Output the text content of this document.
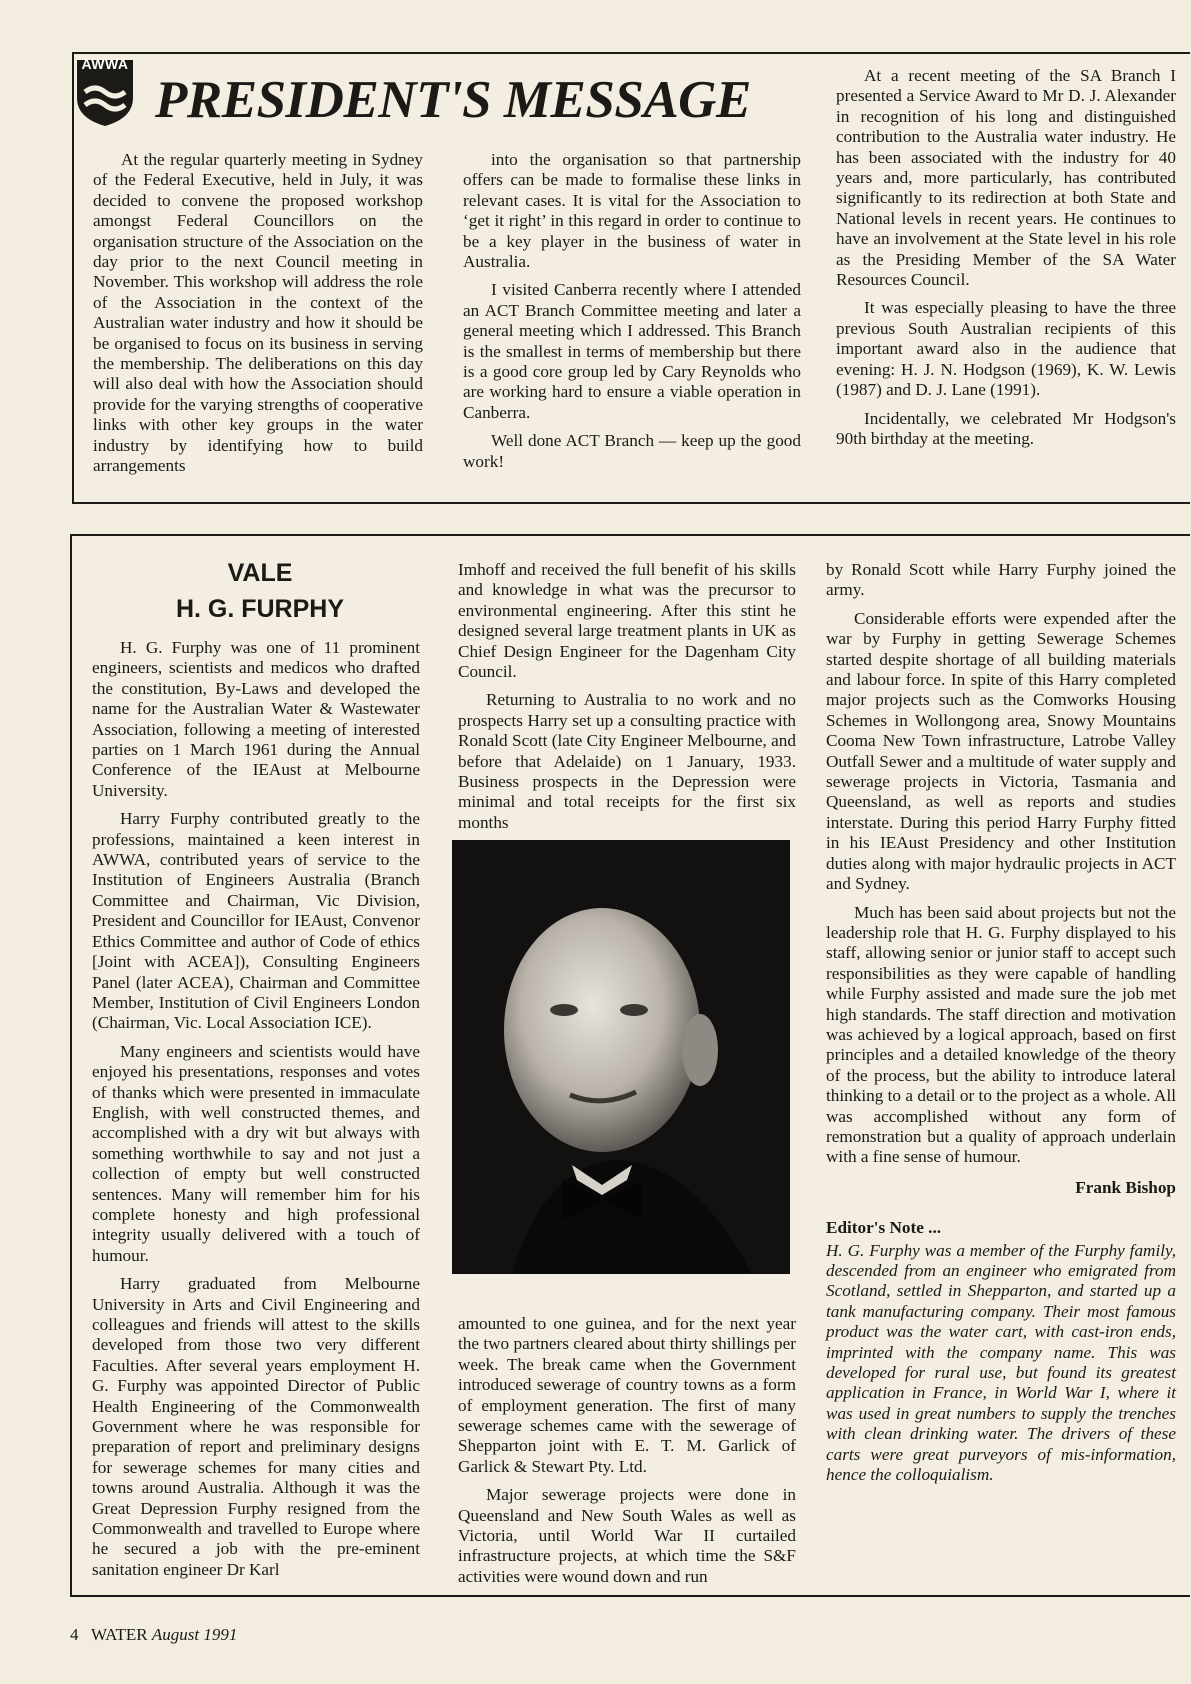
AWWA
PRESIDENT'S MESSAGE

At the regular quarterly meeting in Sydney of the Federal Executive, held in July, it was decided to convene the proposed workshop amongst Federal Councillors on the organisation structure of the Association on the day prior to the next Council meeting in November. This workshop will address the role of the Association in the context of the Australian water industry and how it should be be organised to focus on its business in serving the membership. The deliberations on this day will also deal with how the Association should provide for the varying strengths of cooperative links with other key groups in the water industry by identifying how to build arrangements

into the organisation so that partnership offers can be made to formalise these links in relevant cases. It is vital for the Association to ‘get it right’ in this regard in order to continue to be a key player in the business of water in Australia.

I visited Canberra recently where I attended an ACT Branch Committee meeting and later a general meeting which I addressed. This Branch is the smallest in terms of membership but there is a good core group led by Cary Reynolds who are working hard to ensure a viable operation in Canberra.

Well done ACT Branch — keep up the good work!

At a recent meeting of the SA Branch I presented a Service Award to Mr D. J. Alexander in recognition of his long and distinguished contribution to the Australia water industry. He has been associated with the industry for 40 years and, more particularly, has contributed significantly to its redirection at both State and National levels in recent years. He continues to have an involvement at the State level in his role as the Presiding Member of the SA Water Resources Council.

It was especially pleasing to have the three previous South Australian recipients of this important award also in the audience that evening: H. J. N. Hodgson (1969), K. W. Lewis (1987) and D. J. Lane (1991).

Incidentally, we celebrated Mr Hodgson's 90th birthday at the meeting.

VALE
H. G. FURPHY

H. G. Furphy was one of 11 prominent engineers, scientists and medicos who drafted the constitution, By-Laws and developed the name for the Australian Water & Wastewater Association, following a meeting of interested parties on 1 March 1961 during the Annual Conference of the IEAust at Melbourne University.

Harry Furphy contributed greatly to the professions, maintained a keen interest in AWWA, contributed years of service to the Institution of Engineers Australia (Branch Committee and Chairman, Vic Division, President and Councillor for IEAust, Convenor Ethics Committee and author of Code of ethics [Joint with ACEA]), Consulting Engineers Panel (later ACEA), Chairman and Committee Member, Institution of Civil Engineers London (Chairman, Vic. Local Association ICE).

Many engineers and scientists would have enjoyed his presentations, responses and votes of thanks which were presented in immaculate English, with well constructed themes, and accomplished with a dry wit but always with something worthwhile to say and not just a collection of empty but well constructed sentences. Many will remember him for his complete honesty and high professional integrity usually delivered with a touch of humour.

Harry graduated from Melbourne University in Arts and Civil Engineering and colleagues and friends will attest to the skills developed from those two very different Faculties. After several years employment H. G. Furphy was appointed Director of Public Health Engineering of the Commonwealth Government where he was responsible for preparation of report and preliminary designs for sewerage schemes for many cities and towns around Australia. Although it was the Great Depression Furphy resigned from the Commonwealth and travelled to Europe where he secured a job with the pre-eminent sanitation engineer Dr Karl

Imhoff and received the full benefit of his skills and knowledge in what was the precursor to environmental engineering. After this stint he designed several large treatment plants in UK as Chief Design Engineer for the Dagenham City Council.

Returning to Australia to no work and no prospects Harry set up a consulting practice with Ronald Scott (late City Engineer Melbourne, and before that Adelaide) on 1 January, 1933. Business prospects in the Depression were minimal and total receipts for the first six months

amounted to one guinea, and for the next year the two partners cleared about thirty shillings per week. The break came when the Government introduced sewerage of country towns as a form of employment generation. The first of many sewerage schemes came with the sewerage of Shepparton joint with E. T. M. Garlick of Garlick & Stewart Pty. Ltd.

Major sewerage projects were done in Queensland and New South Wales as well as Victoria, until World War II curtailed infrastructure projects, at which time the S&F activities were wound down and run

by Ronald Scott while Harry Furphy joined the army.

Considerable efforts were expended after the war by Furphy in getting Sewerage Schemes started despite shortage of all building materials and labour force. In spite of this Harry completed major projects such as the Comworks Housing Schemes in Wollongong area, Snowy Mountains Cooma New Town infrastructure, Latrobe Valley Outfall Sewer and a multitude of water supply and sewerage projects in Victoria, Tasmania and Queensland, as well as reports and studies interstate. During this period Harry Furphy fitted in his IEAust Presidency and other Institution duties along with major hydraulic projects in ACT and Sydney.

Much has been said about projects but not the leadership role that H. G. Furphy displayed to his staff, allowing senior or junior staff to accept such responsibilities as they were capable of handling while Furphy assisted and made sure the job met high standards. The staff direction and motivation was achieved by a logical approach, based on first principles and a detailed knowledge of the theory of the process, but the ability to introduce lateral thinking to a detail or to the project as a whole. All was accomplished without any form of remonstration but a quality of approach underlain with a fine sense of humour.

Frank Bishop

Editor's Note ...

H. G. Furphy was a member of the Furphy family, descended from an engineer who emigrated from Scotland, settled in Shepparton, and started up a tank manufacturing company. Their most famous product was the water cart, with cast-iron ends, imprinted with the company name. This was developed for rural use, but found its greatest application in France, in World War I, where it was used in great numbers to supply the trenches with clean drinking water. The drivers of these carts were great purveyors of mis-information, hence the colloquialism.

4 WATER August 1991
